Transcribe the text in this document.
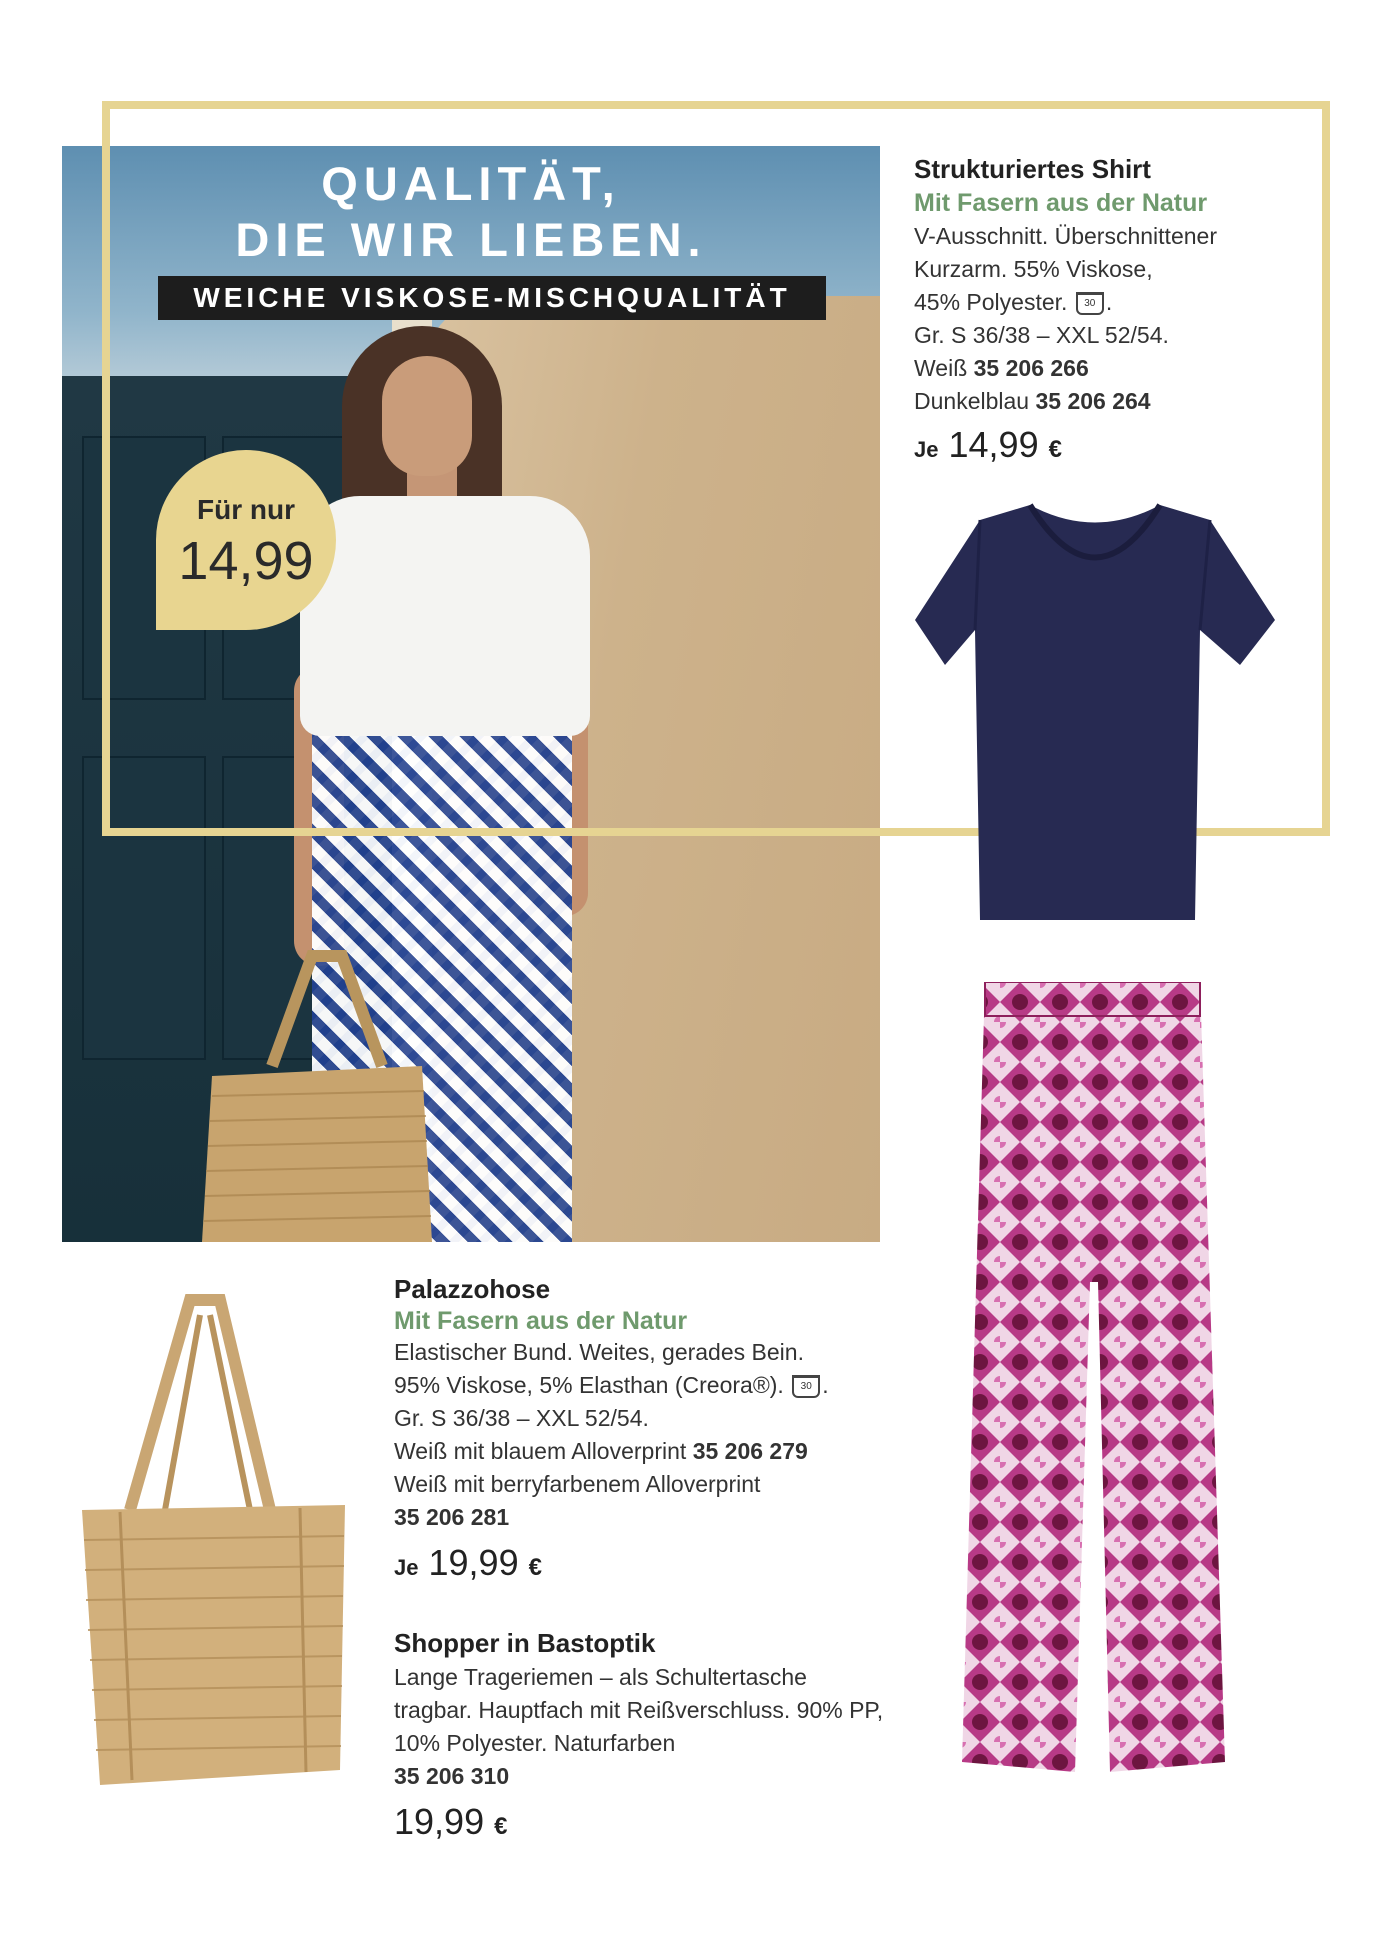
QUALITÄT,
DIE WIR LIEBEN.
WEICHE VISKOSE-MISCHQUALITÄT
Für nur
14,99
Strukturiertes Shirt
Mit Fasern aus der Natur
V-Ausschnitt. Überschnittener
Kurzarm. 55% Viskose,
45% Polyester. 30 .
Gr. S 36/38 – XXL 52/54.
Weiß 35 206 266
Dunkelblau 35 206 264
Je 14,99 €
Palazzohose
Mit Fasern aus der Natur
Elastischer Bund. Weites, gerades Bein.
95% Viskose, 5% Elasthan (Creora®). 30 .
Gr. S 36/38 – XXL 52/54.
Weiß mit blauem Alloverprint 35 206 279
Weiß mit berryfarbenem Alloverprint
35 206 281
Je 19,99 €
Shopper in Bastoptik
Lange Trageriemen – als Schultertasche
tragbar. Hauptfach mit Reißverschluss. 90% PP,
10% Polyester. Naturfarben
35 206 310
19,99 €
